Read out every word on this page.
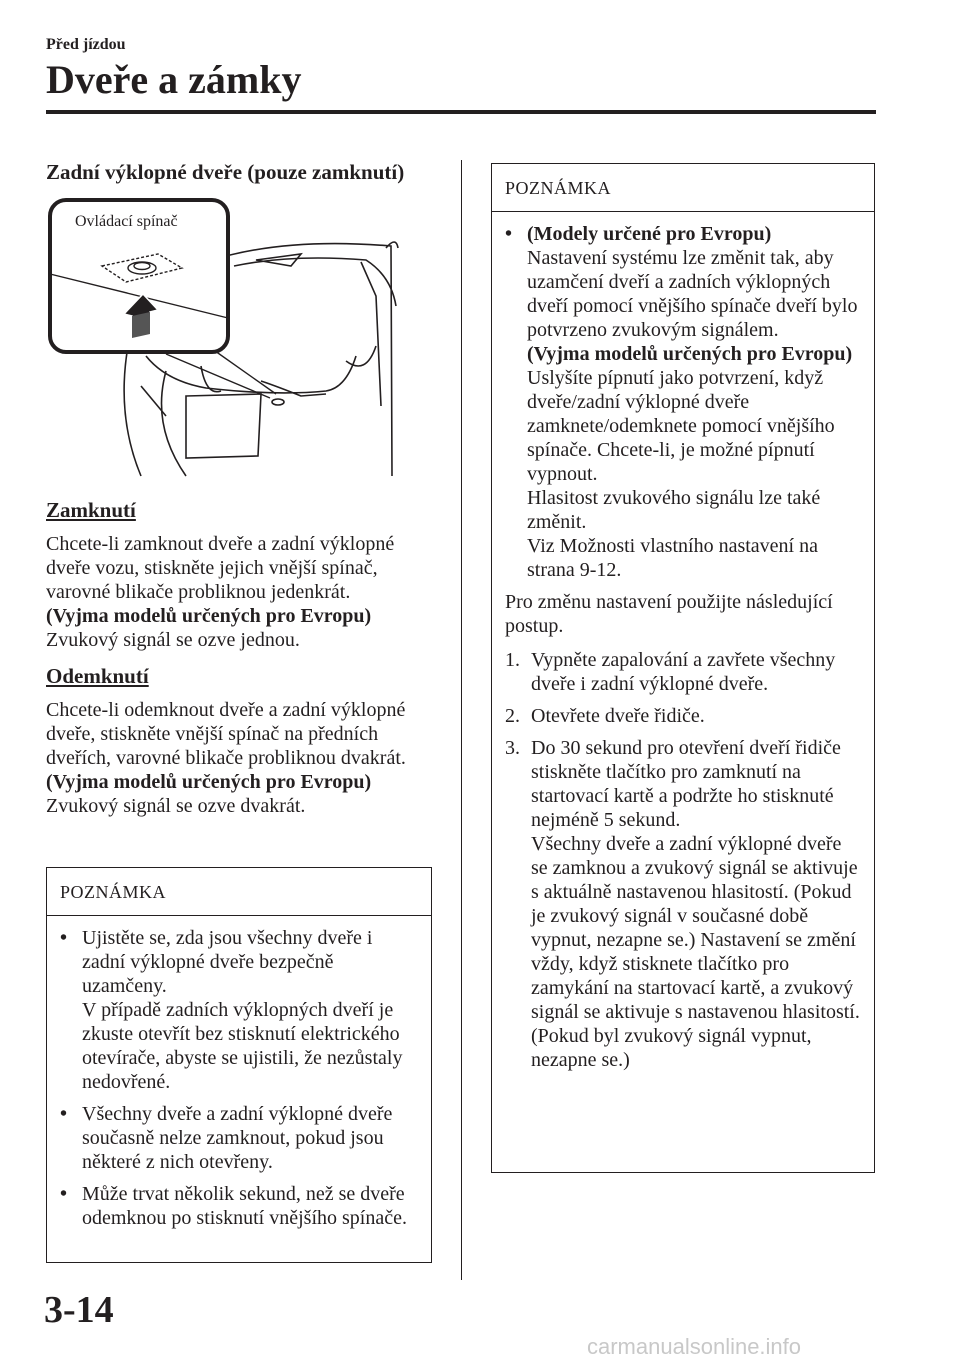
Před jízdou
Dveře a zámky

Zadní výklopné dveře (pouze zamknutí)

Ovládací spínač

Zamknutí

Chcete-li zamknout dveře a zadní výklopné dveře vozu, stiskněte jejich vnější spínač, varovné blikače probliknou jedenkrát.

(Vyjma modelů určených pro Evropu)

Zvukový signál se ozve jednou.

Odemknutí

Chcete-li odemknout dveře a zadní výklopné dveře, stiskněte vnější spínač na předních dveřích, varovné blikače probliknou dvakrát.

(Vyjma modelů určených pro Evropu)

Zvukový signál se ozve dvakrát.

POZNÁMKA
• Ujistěte se, zda jsou všechny dveře i zadní výklopné dveře bezpečně uzamčeny.
V případě zadních výklopných dveří je zkuste otevřít bez stisknutí elektrického otevírače, abyste se ujistili, že nezůstaly nedovřené.
• Všechny dveře a zadní výklopné dveře současně nelze zamknout, pokud jsou některé z nich otevřeny.
• Může trvat několik sekund, než se dveře odemknou po stisknutí vnějšího spínače.
POZNÁMKA
• (Modely určené pro Evropu)
Nastavení systému lze změnit tak, aby uzamčení dveří a zadních výklopných dveří pomocí vnějšího spínače dveří bylo potvrzeno zvukovým signálem.
(Vyjma modelů určených pro Evropu)
Uslyšíte pípnutí jako potvrzení, když dveře/zadní výklopné dveře zamknete/odemknete pomocí vnějšího spínače. Chcete-li, je možné pípnutí vypnout.
Hlasitost zvukového signálu lze také změnit.
Viz Možnosti vlastního nastavení na strana 9-12.

Pro změnu nastavení použijte následující postup.

1. Vypněte zapalování a zavřete všechny dveře i zadní výklopné dveře.
2. Otevřete dveře řidiče.
3. Do 30 sekund pro otevření dveří řidiče stiskněte tlačítko pro zamknutí na startovací kartě a podržte ho stisknuté nejméně 5 sekund.
Všechny dveře a zadní výklopné dveře se zamknou a zvukový signál se aktivuje s aktuálně nastavenou hlasitostí. (Pokud je zvukový signál v současné době vypnut, nezapne se.) Nastavení se změní vždy, když stisknete tlačítko pro zamykání na startovací kartě, a zvukový signál se aktivuje s nastavenou hlasitostí. (Pokud byl zvukový signál vypnut, nezapne se.)
3-14
carmanualsonline.info
